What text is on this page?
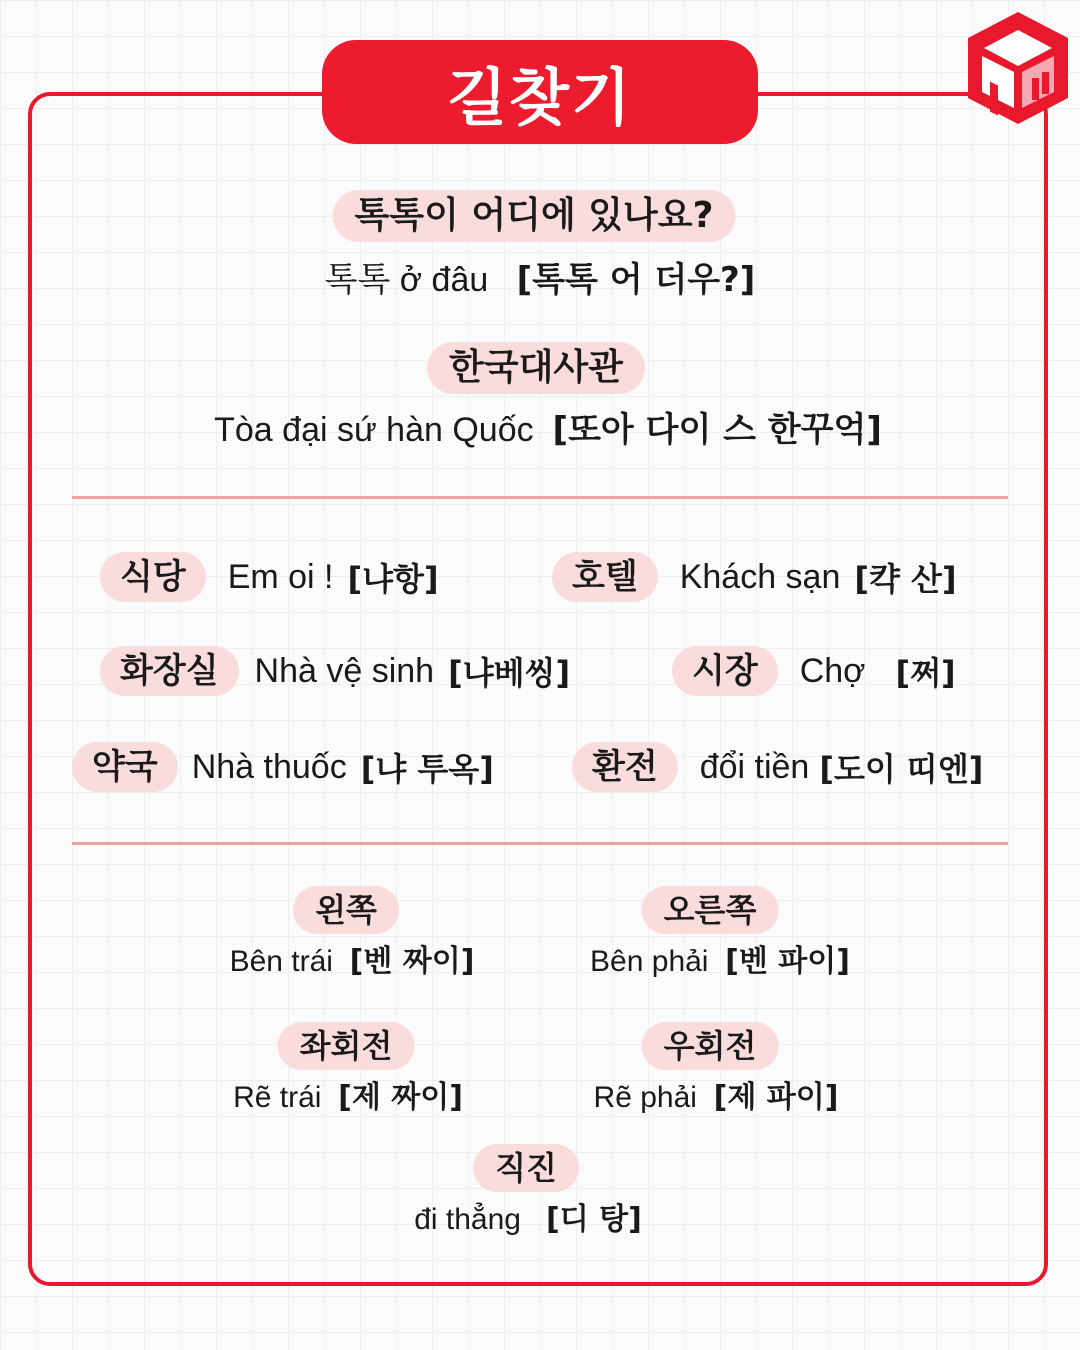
길찾기
톡톡이 어디에 있나요?
톡톡 ở đâu [톡톡 어 더우?]
한국대사관
Tòa đại sứ hàn Quốc [또아 다이 스 한꾸억]
식당	Em oi ! [냐항]	호텔	Khách sạn [캭 산]
화장실	Nhà vệ sinh [냐베씽]	시장	Chợ [쩌]
약국	Nhà thuốc [냐 투옥]	환전	đổi tiền [도이 띠엔]
왼쪽
Bên trái [벤 짜이]
오른쪽
Bên phải [벤 파이]
좌회전
Rẽ trái [제 짜이]
우회전
Rẽ phải [제 파이]
직진
đi thẳng [디 탕]
